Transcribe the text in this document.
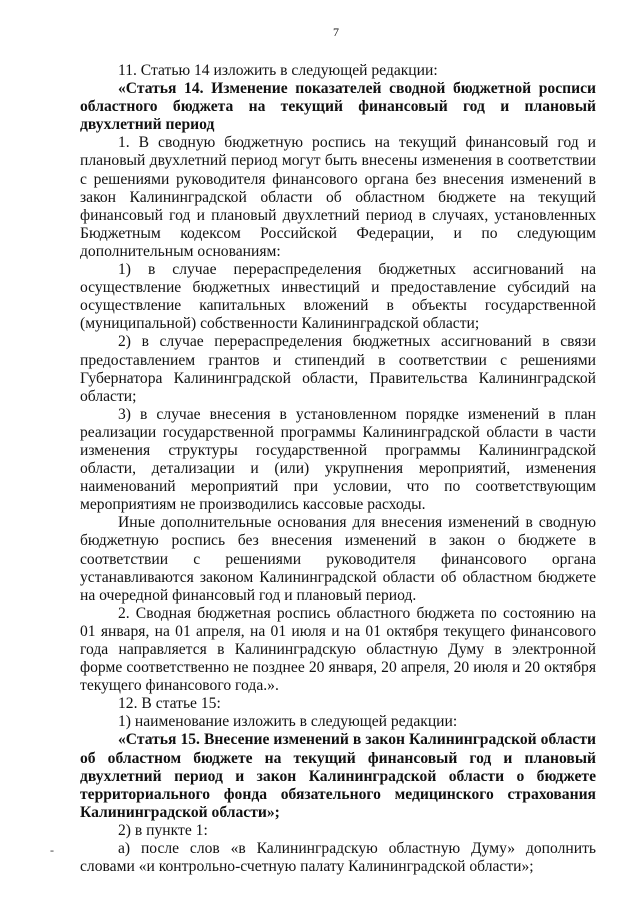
7

11. Статью 14 изложить в следующей редакции:

«Статья 14. Изменение показателей сводной бюджетной росписи областного бюджета на текущий финансовый год и плановый двухлетний период

1. В сводную бюджетную роспись на текущий финансовый год и плановый двухлетний период могут быть внесены изменения в соответствии с решениями руководителя финансового органа без внесения изменений в закон Калининградской области об областном бюджете на текущий финансовый год и плановый двухлетний период в случаях, установленных Бюджетным кодексом Российской Федерации, и по следующим дополнительным основаниям:

1) в случае перераспределения бюджетных ассигнований на осуществление бюджетных инвестиций и предоставление субсидий на осуществление капитальных вложений в объекты государственной (муниципальной) собственности Калининградской области;

2) в случае перераспределения бюджетных ассигнований в связи предоставлением грантов и стипендий в соответствии с решениями Губернатора Калининградской области, Правительства Калининградской области;

3) в случае внесения в установленном порядке изменений в план реализации государственной программы Калининградской области в части изменения структуры государственной программы Калининградской области, детализации и (или) укрупнения мероприятий, изменения наименований мероприятий при условии, что по соответствующим мероприятиям не производились кассовые расходы.

Иные дополнительные основания для внесения изменений в сводную бюджетную роспись без внесения изменений в закон о бюджете в соответствии с решениями руководителя финансового органа устанавливаются законом Калининградской области об областном бюджете на очередной финансовый год и плановый период.

2. Сводная бюджетная роспись областного бюджета по состоянию на 01 января, на 01 апреля, на 01 июля и на 01 октября текущего финансового года направляется в Калининградскую областную Думу в электронной форме соответственно не позднее 20 января, 20 апреля, 20 июля и 20 октября текущего финансового года.».

12. В статье 15:

1) наименование изложить в следующей редакции:

«Статья 15. Внесение изменений в закон Калининградской области об областном бюджете на текущий финансовый год и плановый двухлетний период и закон Калининградской области о бюджете территориального фонда обязательного медицинского страхования Калининградской области»;

2) в пункте 1:

а) после слов «в Калининградскую областную Думу» дополнить словами «и контрольно-счетную палату Калининградской области»;

-
